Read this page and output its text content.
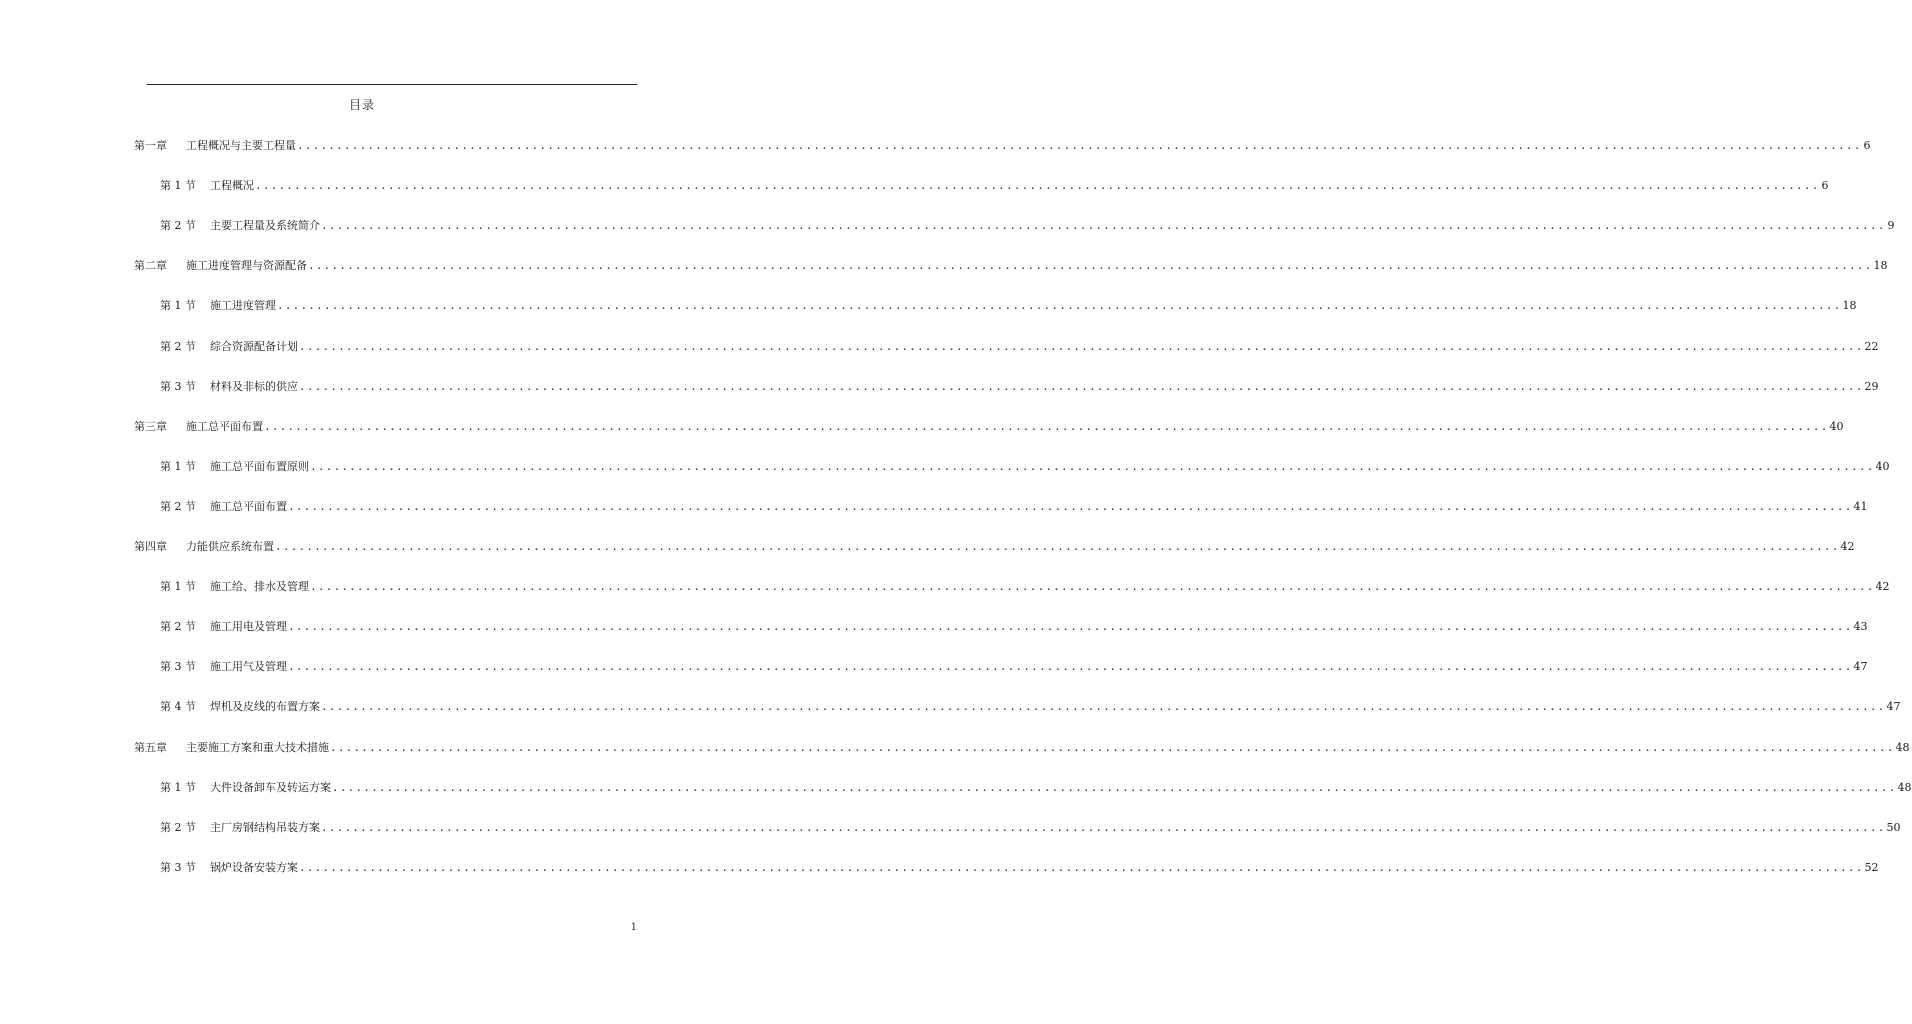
目录
第一章	工程概况与主要工程量 ........................................................................................................................................................................................................ 6
第 1 节	工程概况 ........................................................................................................................................................................................................ 6
第 2 节	主要工程量及系统简介 ........................................................................................................................................................................................................ 9
第二章	施工进度管理与资源配备 ........................................................................................................................................................................................................ 18
第 1 节	施工进度管理 ........................................................................................................................................................................................................ 18
第 2 节	综合资源配备计划 ........................................................................................................................................................................................................ 22
第 3 节	材料及非标的供应 ........................................................................................................................................................................................................ 29
第三章	施工总平面布置 ........................................................................................................................................................................................................ 40
第 1 节	施工总平面布置原则 ........................................................................................................................................................................................................ 40
第 2 节	施工总平面布置 ........................................................................................................................................................................................................ 41
第四章	力能供应系统布置 ........................................................................................................................................................................................................ 42
第 1 节	施工给、排水及管理 ........................................................................................................................................................................................................ 42
第 2 节	施工用电及管理 ........................................................................................................................................................................................................ 43
第 3 节	施工用气及管理 ........................................................................................................................................................................................................ 47
第 4 节	焊机及皮线的布置方案 ........................................................................................................................................................................................................ 47
第五章	主要施工方案和重大技术措施 ........................................................................................................................................................................................................ 48
第 1 节	大件设备卸车及转运方案 ........................................................................................................................................................................................................ 48
第 2 节	主厂房钢结构吊装方案 ........................................................................................................................................................................................................ 50
第 3 节	锅炉设备安装方案 ........................................................................................................................................................................................................ 52
1
